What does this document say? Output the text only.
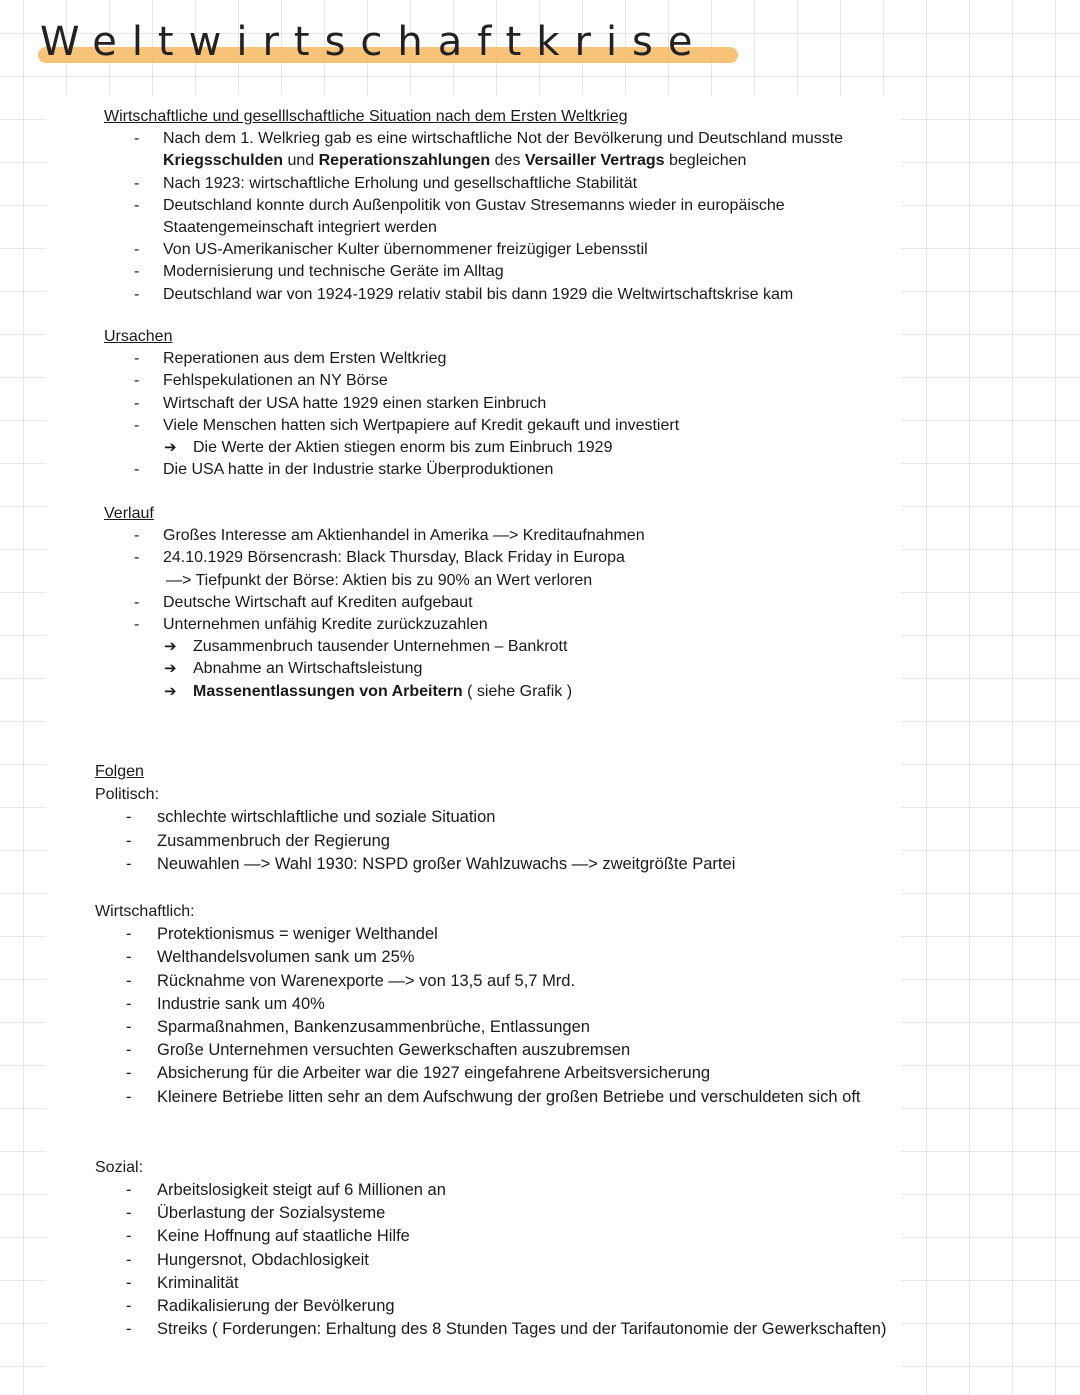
Weltwirtschaftkrise
Wirtschaftliche und geselllschaftliche Situation nach dem Ersten Weltkrieg
- Nach dem 1. Welkrieg gab es eine wirtschaftliche Not der Bevölkerung und Deutschland musste Kriegsschulden und Reperationszahlungen des Versailler Vertrags begleichen
- Nach 1923: wirtschaftliche Erholung und gesellschaftliche Stabilität
- Deutschland konnte durch Außenpolitik von Gustav Stresemanns wieder in europäische Staatengemeinschaft integriert werden
- Von US-Amerikanischer Kulter übernommener freizügiger Lebensstil
- Modernisierung und technische Geräte im Alltag
- Deutschland war von 1924-1929 relativ stabil bis dann 1929 die Weltwirtschaftskrise kam
Ursachen
- Reperationen aus dem Ersten Weltkrieg
- Fehlspekulationen an NY Börse
- Wirtschaft der USA hatte 1929 einen starken Einbruch
- Viele Menschen hatten sich Wertpapiere auf Kredit gekauft und investiert
➔ Die Werte der Aktien stiegen enorm bis zum Einbruch 1929
- Die USA hatte in der Industrie starke Überproduktionen
Verlauf
- Großes Interesse am Aktienhandel in Amerika —> Kreditaufnahmen
- 24.10.1929 Börsencrash: Black Thursday, Black Friday in Europa
—> Tiefpunkt der Börse: Aktien bis zu 90% an Wert verloren
- Deutsche Wirtschaft auf Krediten aufgebaut
- Unternehmen unfähig Kredite zurückzuzahlen
➔ Zusammenbruch tausender Unternehmen – Bankrott
➔ Abnahme an Wirtschaftsleistung
➔ Massenentlassungen von Arbeitern ( siehe Grafik )
Folgen
Politisch:
- schlechte wirtschlaftliche und soziale Situation
- Zusammenbruch der Regierung
- Neuwahlen —> Wahl 1930: NSPD großer Wahlzuwachs —> zweitgrößte Partei
Wirtschaftlich:
- Protektionismus = weniger Welthandel
- Welthandelsvolumen sank um 25%
- Rücknahme von Warenexporte —> von 13,5 auf 5,7 Mrd.
- Industrie sank um 40%
- Sparmaßnahmen, Bankenzusammenbrüche, Entlassungen
- Große Unternehmen versuchten Gewerkschaften auszubremsen
- Absicherung für die Arbeiter war die 1927 eingefahrene Arbeitsversicherung
- Kleinere Betriebe litten sehr an dem Aufschwung der großen Betriebe und verschuldeten sich oft
Sozial:
- Arbeitslosigkeit steigt auf 6 Millionen an
- Überlastung der Sozialsysteme
- Keine Hoffnung auf staatliche Hilfe
- Hungersnot, Obdachlosigkeit
- Kriminalität
- Radikalisierung der Bevölkerung
- Streiks ( Forderungen: Erhaltung des 8 Stunden Tages und der Tarifautonomie der Gewerkschaften)
